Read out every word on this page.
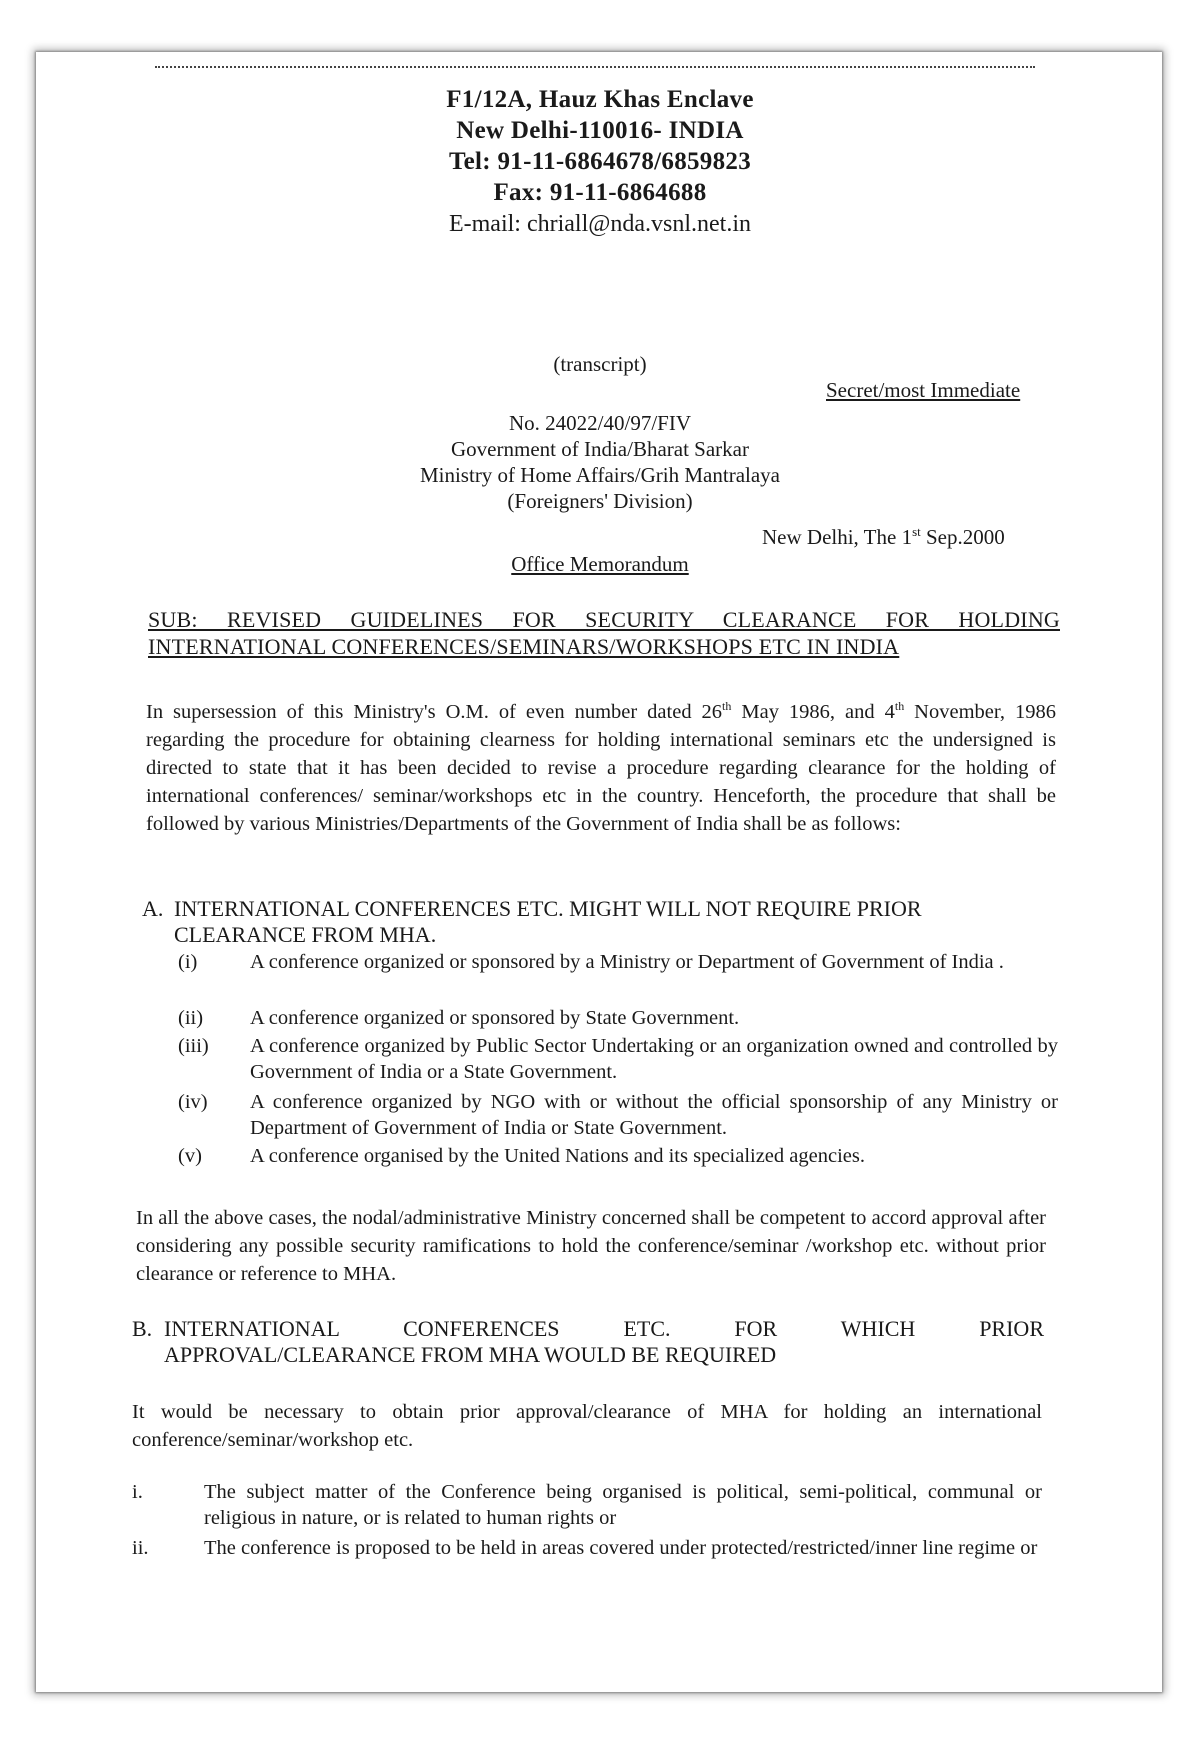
F1/12A, Hauz Khas Enclave
New Delhi-110016- INDIA
Tel: 91-11-6864678/6859823
Fax: 91-11-6864688
E-mail: chriall@nda.vsnl.net.in
(transcript)
Secret/most Immediate
No. 24022/40/97/FIV
Government of India/Bharat Sarkar
Ministry of Home Affairs/Grih Mantralaya
(Foreigners' Division)
New Delhi, The 1st Sep.2000
Office Memorandum
SUB: REVISED GUIDELINES FOR SECURITY CLEARANCE FOR HOLDING INTERNATIONAL CONFERENCES/SEMINARS/WORKSHOPS ETC IN INDIA
In supersession of this Ministry's O.M. of even number dated 26th May 1986, and 4th November, 1986 regarding the procedure for obtaining clearness for holding international seminars etc the undersigned is directed to state that it has been decided to revise a procedure regarding clearance for the holding of international conferences/ seminar/workshops etc in the country. Henceforth, the procedure that shall be followed by various Ministries/Departments of the Government of India shall be as follows:
A. INTERNATIONAL CONFERENCES ETC. MIGHT WILL NOT REQUIRE PRIOR
CLEARANCE FROM MHA.
(i)	A conference organized or sponsored by a Ministry or Department of Government of India .
(ii) A conference organized or sponsored by State Government.
(iii) A conference organized by Public Sector Undertaking or an organization owned and controlled by Government of India or a State Government.
(iv) A conference organized by NGO with or without the official sponsorship of any Ministry or Department of Government of India or State Government.
(v) A conference organised by the United Nations and its specialized agencies.
In all the above cases, the nodal/administrative Ministry concerned shall be competent to accord approval after considering any possible security ramifications to hold the conference/seminar /workshop etc. without prior clearance or reference to MHA.
B. INTERNATIONAL CONFERENCES ETC. FOR WHICH PRIOR
APPROVAL/CLEARANCE FROM MHA WOULD BE REQUIRED
It would be necessary to obtain prior approval/clearance of MHA for holding an international conference/seminar/workshop etc.
i.	The subject matter of the Conference being organised is political, semi-political, communal or religious in nature, or is related to human rights or
ii.	The conference is proposed to be held in areas covered under protected/restricted/inner line regime or
